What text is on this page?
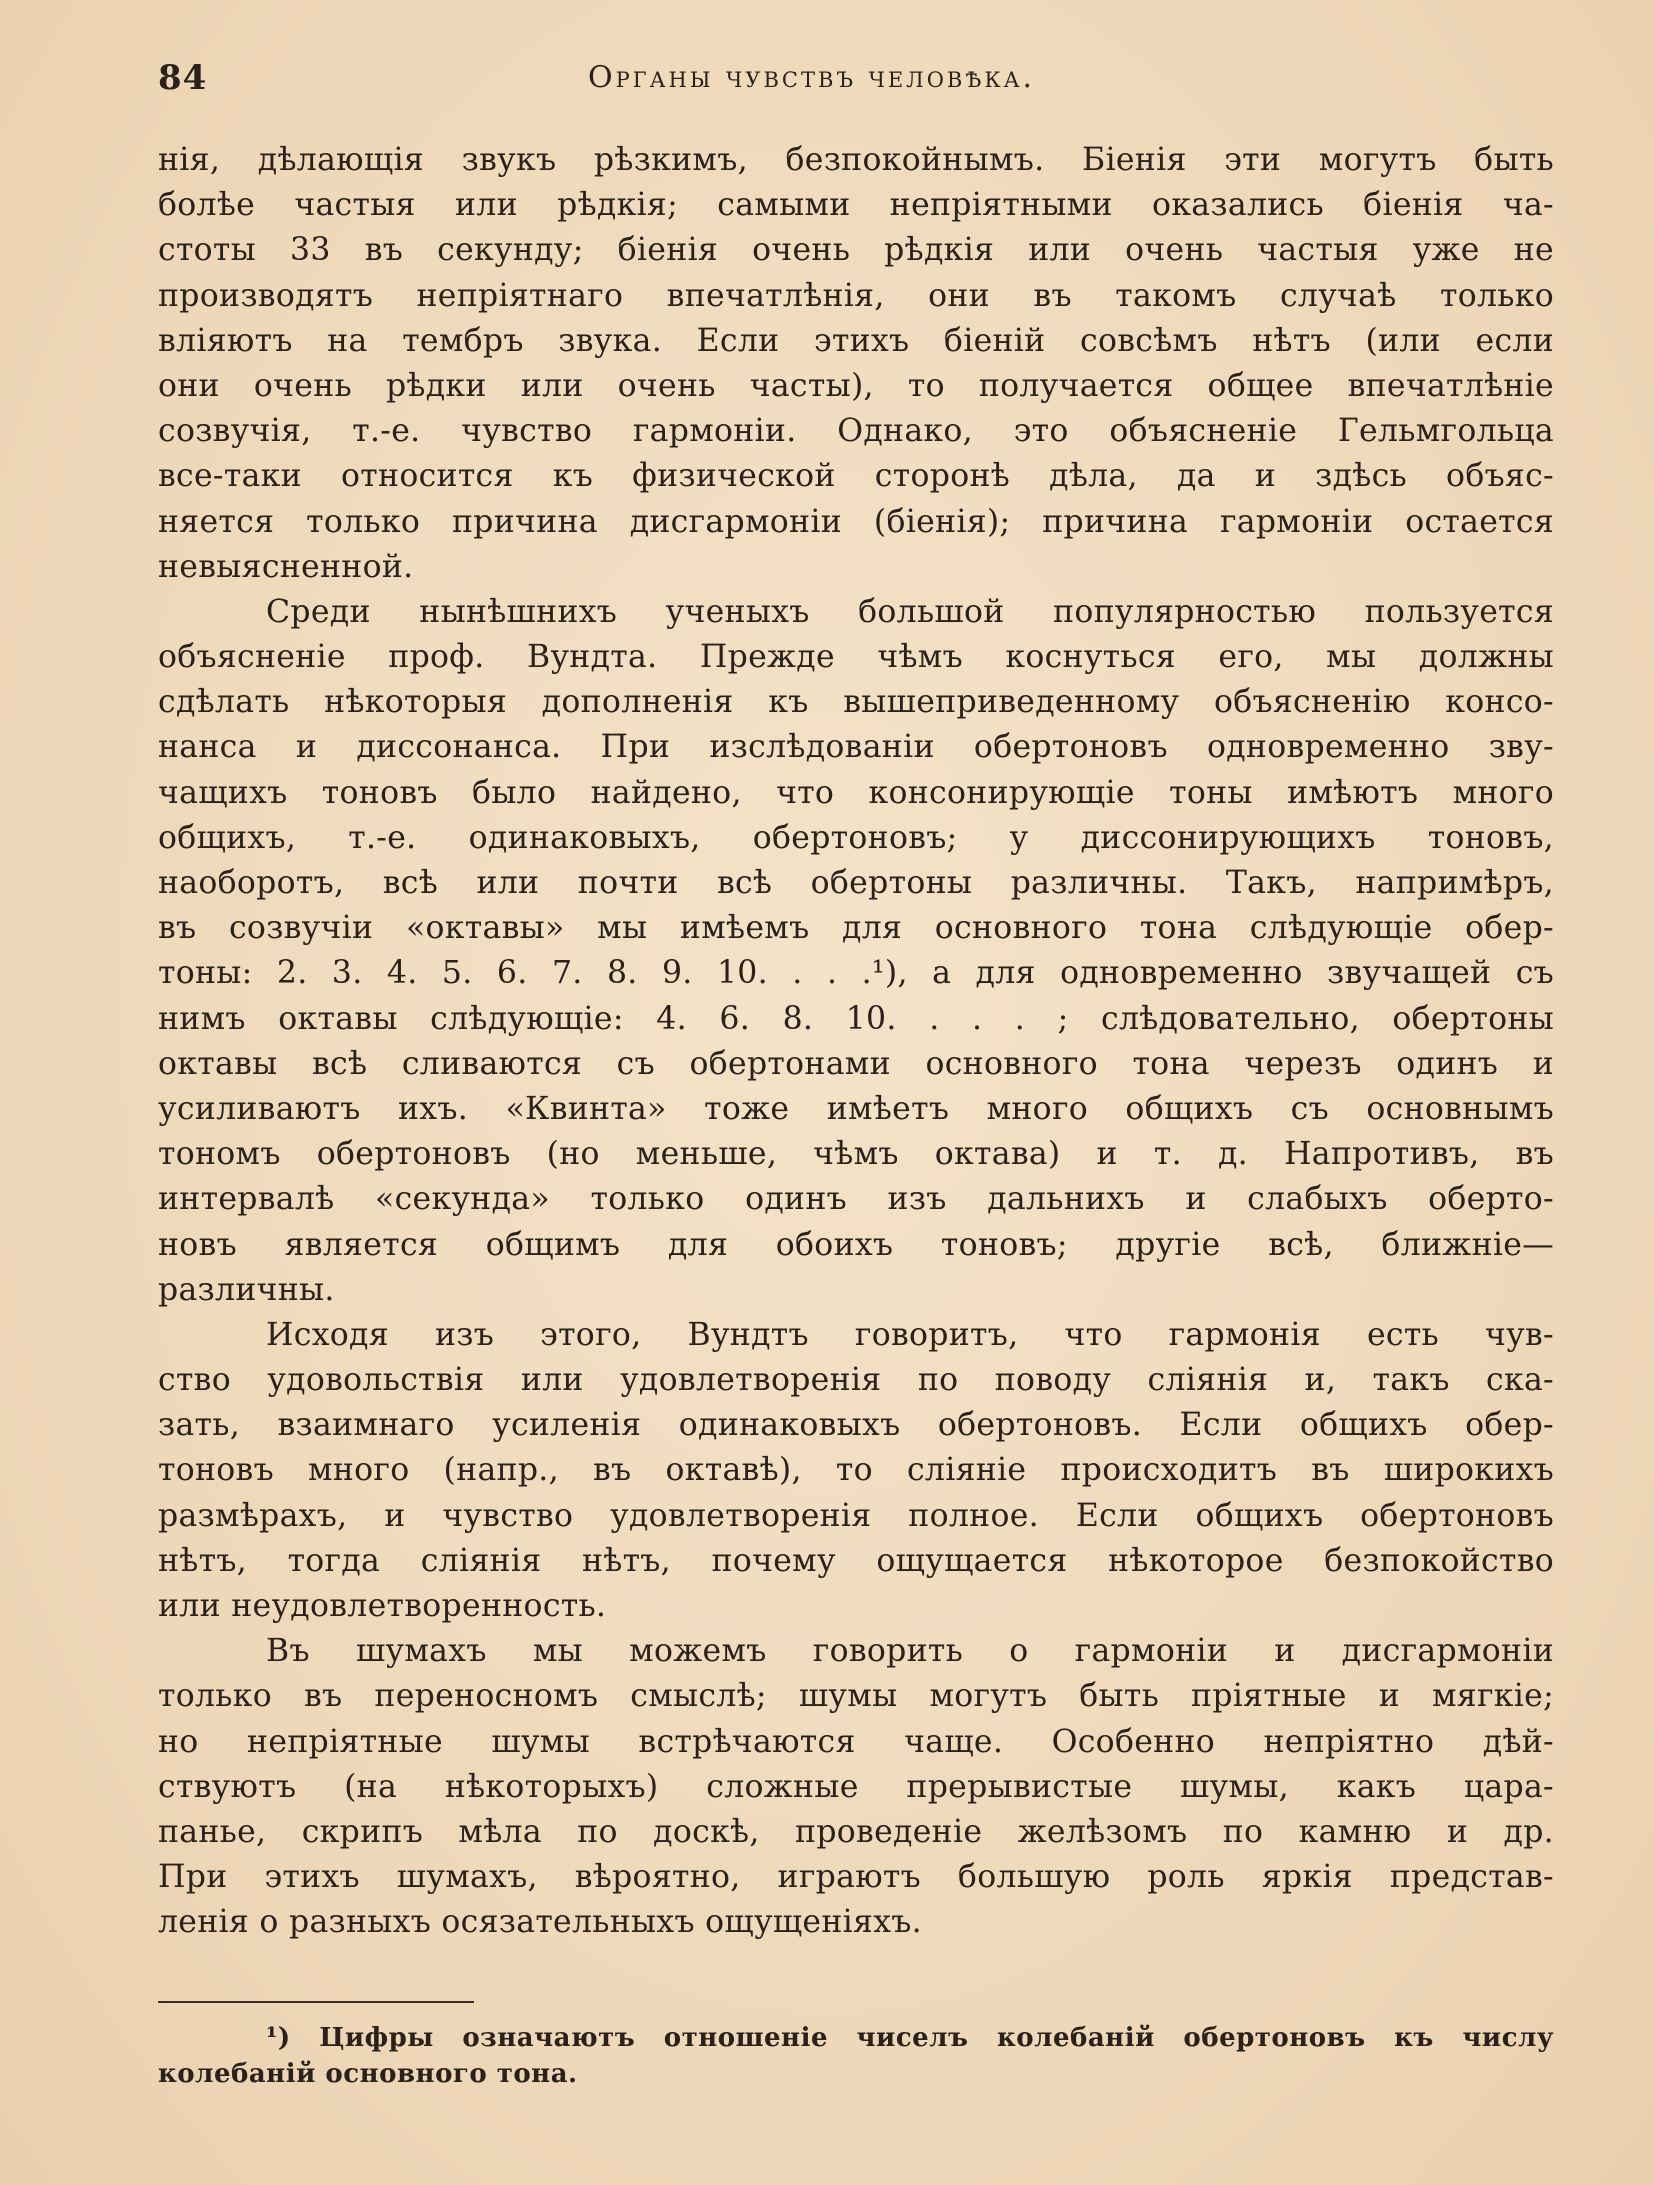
84	Органы чувствъ человѣка.
нія, дѣлающія звукъ рѣзкимъ, безпокойнымъ. Біенія эти могутъ быть
болѣе частыя или рѣдкія; самыми непріятными оказались біенія ча-
стоты 33 въ секунду; біенія очень рѣдкія или очень частыя уже не
производятъ непріятнаго впечатлѣнія, они въ такомъ случаѣ только
вліяютъ на тембръ звука. Если этихъ біеній совсѣмъ нѣтъ (или если
они очень рѣдки или очень часты), то получается общее впечатлѣніе
созвучія, т.-е. чувство гармоніи. Однако, это объясненіе Гельмгольца
все-таки относится къ физической сторонѣ дѣла, да и здѣсь объяс-
няется только причина дисгармоніи (біенія); причина гармоніи остается
невыясненной.
Среди нынѣшнихъ ученыхъ большой популярностью пользуется
объясненіе проф. Вундта. Прежде чѣмъ коснуться его, мы должны
сдѣлать нѣкоторыя дополненія къ вышеприведенному объясненію консо-
нанса и диссонанса. При изслѣдованіи обертоновъ одновременно зву-
чащихъ тоновъ было найдено, что консонирующіе тоны имѣютъ много
общихъ, т.-е. одинаковыхъ, обертоновъ; у диссонирующихъ тоновъ,
наоборотъ, всѣ или почти всѣ обертоны различны. Такъ, напримѣръ,
въ созвучіи «октавы» мы имѣемъ для основного тона слѣдующіе обер-
тоны: 2. 3. 4. 5. 6. 7. 8. 9. 10. . . .¹), а для одновременно звучащей съ
нимъ октавы слѣдующіе: 4. 6. 8. 10. . . . ; слѣдовательно, обертоны
октавы всѣ сливаются съ обертонами основного тона черезъ одинъ и
усиливаютъ ихъ. «Квинта» тоже имѣетъ много общихъ съ основнымъ
тономъ обертоновъ (но меньше, чѣмъ октава) и т. д. Напротивъ, въ
интервалѣ «секунда» только одинъ изъ дальнихъ и слабыхъ оберто-
новъ является общимъ для обоихъ тоновъ; другіе всѣ, ближніе—
различны.
Исходя изъ этого, Вундтъ говоритъ, что гармонія есть чув-
ство удовольствія или удовлетворенія по поводу сліянія и, такъ ска-
зать, взаимнаго усиленія одинаковыхъ обертоновъ. Если общихъ обер-
тоновъ много (напр., въ октавѣ), то сліяніе происходитъ въ широкихъ
размѣрахъ, и чувство удовлетворенія полное. Если общихъ обертоновъ
нѣтъ, тогда сліянія нѣтъ, почему ощущается нѣкоторое безпокойство
или неудовлетворенность.
Въ шумахъ мы можемъ говорить о гармоніи и дисгармоніи
только въ переносномъ смыслѣ; шумы могутъ быть пріятные и мягкіе;
но непріятные шумы встрѣчаются чаще. Особенно непріятно дѣй-
ствуютъ (на нѣкоторыхъ) сложные прерывистые шумы, какъ цара-
панье, скрипъ мѣла по доскѣ, проведеніе желѣзомъ по камню и др.
При этихъ шумахъ, вѣроятно, играютъ большую роль яркія представ-
ленія о разныхъ осязательныхъ ощущеніяхъ.
¹) Цифры означаютъ отношеніе чиселъ колебаній обертоновъ къ числу
колебаній основного тона.
